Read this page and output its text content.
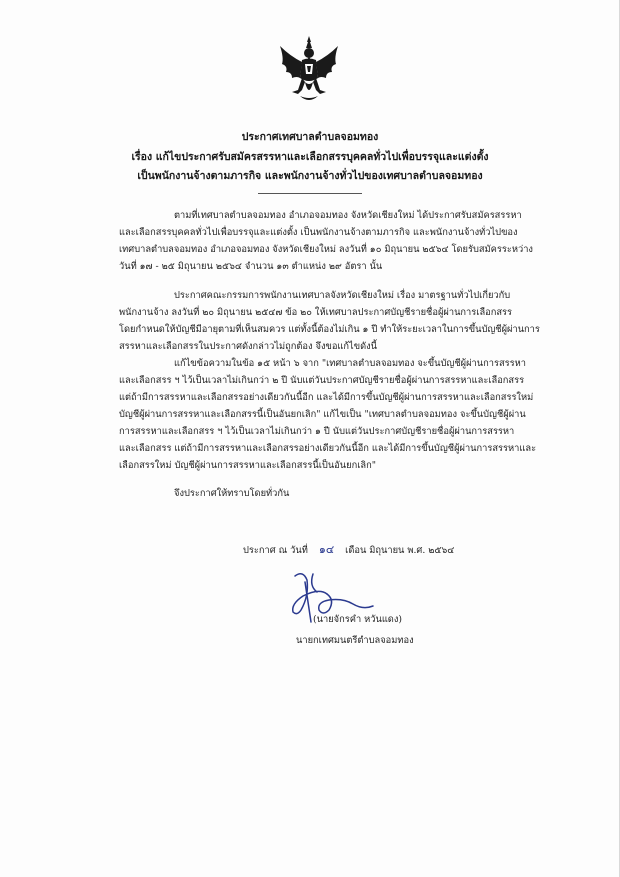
ประกาศเทศบาลตำบลจอมทอง
เรื่อง แก้ไขประกาศรับสมัครสรรหาและเลือกสรรบุคคลทั่วไปเพื่อบรรจุและแต่งตั้ง
เป็นพนักงานจ้างตามภารกิจ และพนักงานจ้างทั่วไปของเทศบาลตำบลจอมทอง
ตามที่เทศบาลตำบลจอมทอง อำเภอจอมทอง จังหวัดเชียงใหม่ ได้ประกาศรับสมัครสรรหา
และเลือกสรรบุคคลทั่วไปเพื่อบรรจุและแต่งตั้ง เป็นพนักงานจ้างตามภารกิจ และพนักงานจ้างทั่วไปของ
เทศบาลตำบลจอมทอง อำเภอจอมทอง จังหวัดเชียงใหม่ ลงวันที่ ๑๐ มิถุนายน ๒๕๖๔ โดยรับสมัครระหว่าง
วันที่ ๑๗ - ๒๕ มิถุนายน ๒๕๖๔ จำนวน ๑๓ ตำแหน่ง ๒๙ อัตรา นั้น
ประกาศคณะกรรมการพนักงานเทศบาลจังหวัดเชียงใหม่ เรื่อง มาตรฐานทั่วไปเกี่ยวกับ
พนักงานจ้าง ลงวันที่ ๒๐ มิถุนายน ๒๕๔๗ ข้อ ๒๐ ให้เทศบาลประกาศบัญชีรายชื่อผู้ผ่านการเลือกสรร
โดยกำหนดให้บัญชีมีอายุตามที่เห็นสมควร แต่ทั้งนี้ต้องไม่เกิน ๑ ปี ทำให้ระยะเวลาในการขึ้นบัญชีผู้ผ่านการ
สรรหาและเลือกสรรในประกาศดังกล่าวไม่ถูกต้อง จึงขอแก้ไขดังนี้
แก้ไขข้อความในข้อ ๑๕ หน้า ๖ จาก "เทศบาลตำบลจอมทอง จะขึ้นบัญชีผู้ผ่านการสรรหา
และเลือกสรร ฯ ไว้เป็นเวลาไม่เกินกว่า ๒ ปี นับแต่วันประกาศบัญชีรายชื่อผู้ผ่านการสรรหาและเลือกสรร
แต่ถ้ามีการสรรหาและเลือกสรรอย่างเดียวกันนี้อีก และได้มีการขึ้นบัญชีผู้ผ่านการสรรหาและเลือกสรรใหม่
บัญชีผู้ผ่านการสรรหาและเลือกสรรนี้เป็นอันยกเลิก" แก้ไขเป็น "เทศบาลตำบลจอมทอง จะขึ้นบัญชีผู้ผ่าน
การสรรหาและเลือกสรร ฯ ไว้เป็นเวลาไม่เกินกว่า ๑ ปี นับแต่วันประกาศบัญชีรายชื่อผู้ผ่านการสรรหา
และเลือกสรร แต่ถ้ามีการสรรหาและเลือกสรรอย่างเดียวกันนี้อีก และได้มีการขึ้นบัญชีผู้ผ่านการสรรหาและ
เลือกสรรใหม่ บัญชีผู้ผ่านการสรรหาและเลือกสรรนี้เป็นอันยกเลิก"
จึงประกาศให้ทราบโดยทั่วกัน
ประกาศ ณ วันที่ ๑๔ เดือน มิถุนายน พ.ศ. ๒๕๖๔
(นายจักรคำ หวันแดง)
นายกเทศมนตรีตำบลจอมทอง
